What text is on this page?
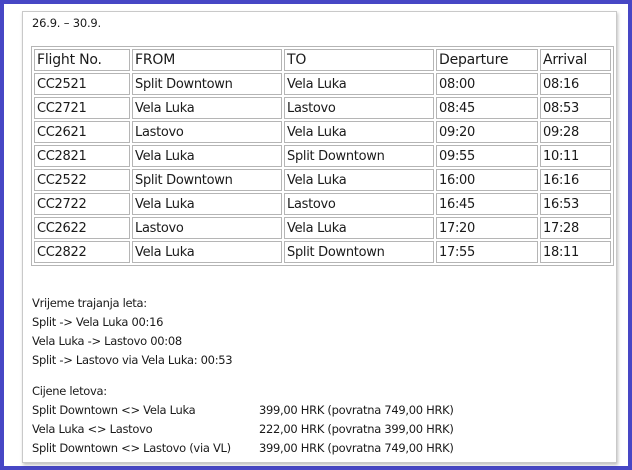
26.9. – 30.9.
Flight No.	FROM	TO	Departure	Arrival
CC2521	Split Downtown	Vela Luka	08:00	08:16
CC2721	Vela Luka	Lastovo	08:45	08:53
CC2621	Lastovo	Vela Luka	09:20	09:28
CC2821	Vela Luka	Split Downtown	09:55	10:11
CC2522	Split Downtown	Vela Luka	16:00	16:16
CC2722	Vela Luka	Lastovo	16:45	16:53
CC2622	Lastovo	Vela Luka	17:20	17:28
CC2822	Vela Luka	Split Downtown	17:55	18:11
Vrijeme trajanja leta:
Split -> Vela Luka 00:16
Vela Luka -> Lastovo 00:08
Split -> Lastovo via Vela Luka: 00:53
Cijene letova:
Split Downtown <> Vela Luka	399,00 HRK (povratna 749,00 HRK)
Vela Luka <> Lastovo	222,00 HRK (povratna 399,00 HRK)
Split Downtown <> Lastovo (via VL) 399,00 HRK (povratna 749,00 HRK)
